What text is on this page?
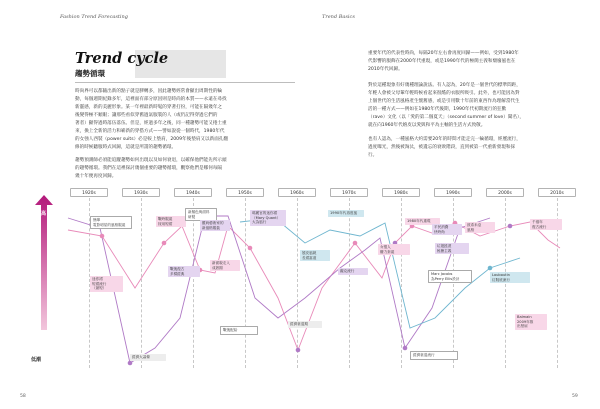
Fashion Trend Forecasting	Trend Basics
Trend cycle
趨勢循環
時尚界可以都隨出新的點子就是膠轉多，因此趨勢經常會顯出周期性的輪
動，每個週期紀錄多年，這裡面有部分原因則是時尚的本質——永遠在尋找
新靈感，新的美麗形象。某一年裡最新時髦的穿著打扮，可能在隔幾年之
後變得極不順眼；讓那些看似穿舊過氣服裝的人（或仍記得穿過它們的
著者）顯得過時落伍落伍。但是，經過多年之後，同一種趨勢可能又捲土重
來，換上全新的活力和嶄新的穿搭方式——譬如說從一個時代，1980年代
的女強人西裝（power suits）必是較上墊肩，2009年後墊肩又以新面孔翻
修的時候聽服時式回歸，這就是所謂的趨勢循環。
趨勢預測師必須能追蹤趨勢如何出現以及如何衰退，以確保他們能先所示頭
的趨勢循環。我們在這裡探討幾個重要的趨勢循環，觀察他們是哪何每隔
幾十年便再度回歸。
重要年代的代表性時尚，每隔20年左右會再度回歸——例如，受到1980年
代影響的服飾在2000年代重現，或是1990年代的極簡主義和頹廢風也在
2010年代回歸。
對於這種現象有好幾種理論說法。有人認為，20年是一個世代的標準間距，
年輕人會被父母輩年輕時候看起來很酷的衣服所吸引。此外，也可能因為對
上個世代的生活風格產生懷舊感，或是引用數十年前的東西作為理解當代生
活的一種方式——例如在1980年代後期，1990年代初期流行的狂歡
（rave）文化（以「愛的第二個夏天」（second summer of love）聞名），
就在向1960年代嬉皮以愛與和平為主軸的生活方式致敬。
也有人認為，一種風格大約需要20年的時間才能走完一輪循環，經歷流行，
過度曝光，然後被淘汰，被遺忘的衰敗階段，直到被第一代重新發現和採
行。
高
低潮
1920s	1930s	1940s	1950s	1960s	1970s	1980s	1990s	2000s	2010s
簡單
電影明星的風格服裝
戰時服裝
採用短裙
新顏色與面料
研製
羅尚藝術家的
新風格服裝
瑪麗官的迷你裙
（Mary Quant）
大為風行
1990年代再度風
1980年代重現
迷你裙
短裙流行
（最短）
新面貌走入
成熟期
戰後復古
多樣經典
嬉皮風貌
長裙當道
龐克流行
女強人
權力套裝
垃圾搖滾
極簡主義
波希米亞
風格
Marc Jacobs
為Perry Ellis設計
Louboutin
紅鞋底流行
平民消費
快時尚
Balmain
2009年推
出墊肩
經濟大蕭條
戰後配給
經濟衰退期
經濟衰退流行
千禧年
復古流行
58	59
